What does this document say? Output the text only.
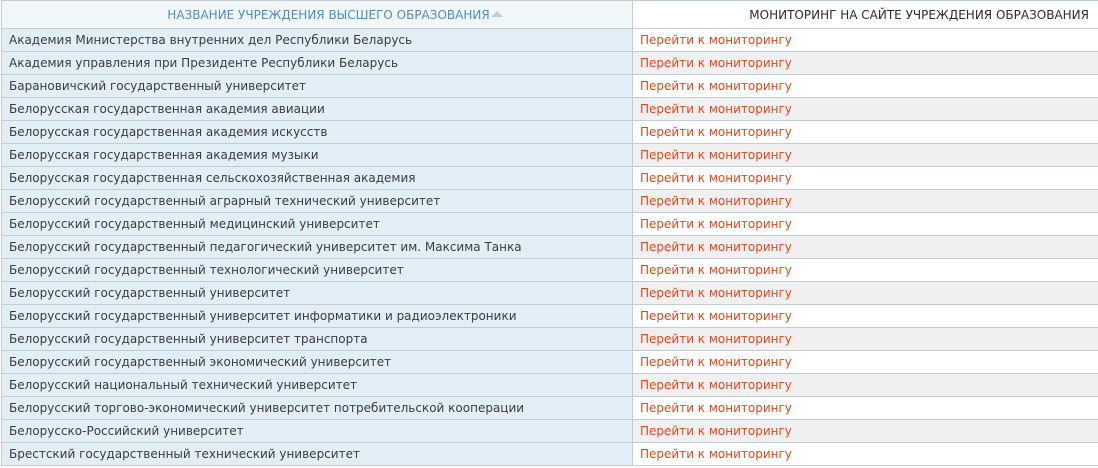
НАЗВАНИЕ УЧРЕЖДЕНИЯ ВЫСШЕГО ОБРАЗОВАНИЯ	МОНИТОРИНГ НА САЙТЕ УЧРЕЖДЕНИЯ ОБРАЗОВАНИЯ
Академия Министерства внутренних дел Республики Беларусь	Перейти к мониторингу
Академия управления при Президенте Республики Беларусь	Перейти к мониторингу
Барановичский государственный университет	Перейти к мониторингу
Белорусская государственная академия авиации	Перейти к мониторингу
Белорусская государственная академия искусств	Перейти к мониторингу
Белорусская государственная академия музыки	Перейти к мониторингу
Белорусская государственная сельскохозяйственная академия	Перейти к мониторингу
Белорусский государственный аграрный технический университет	Перейти к мониторингу
Белорусский государственный медицинский университет	Перейти к мониторингу
Белорусский государственный педагогический университет им. Максима Танка	Перейти к мониторингу
Белорусский государственный технологический университет	Перейти к мониторингу
Белорусский государственный университет	Перейти к мониторингу
Белорусский государственный университет информатики и радиоэлектроники	Перейти к мониторингу
Белорусский государственный университет транспорта	Перейти к мониторингу
Белорусский государственный экономический университет	Перейти к мониторингу
Белорусский национальный технический университет	Перейти к мониторингу
Белорусский торгово-экономический университет потребительской кооперации	Перейти к мониторингу
Белорусско-Российский университет	Перейти к мониторингу
Брестский государственный технический университет	Перейти к мониторингу
